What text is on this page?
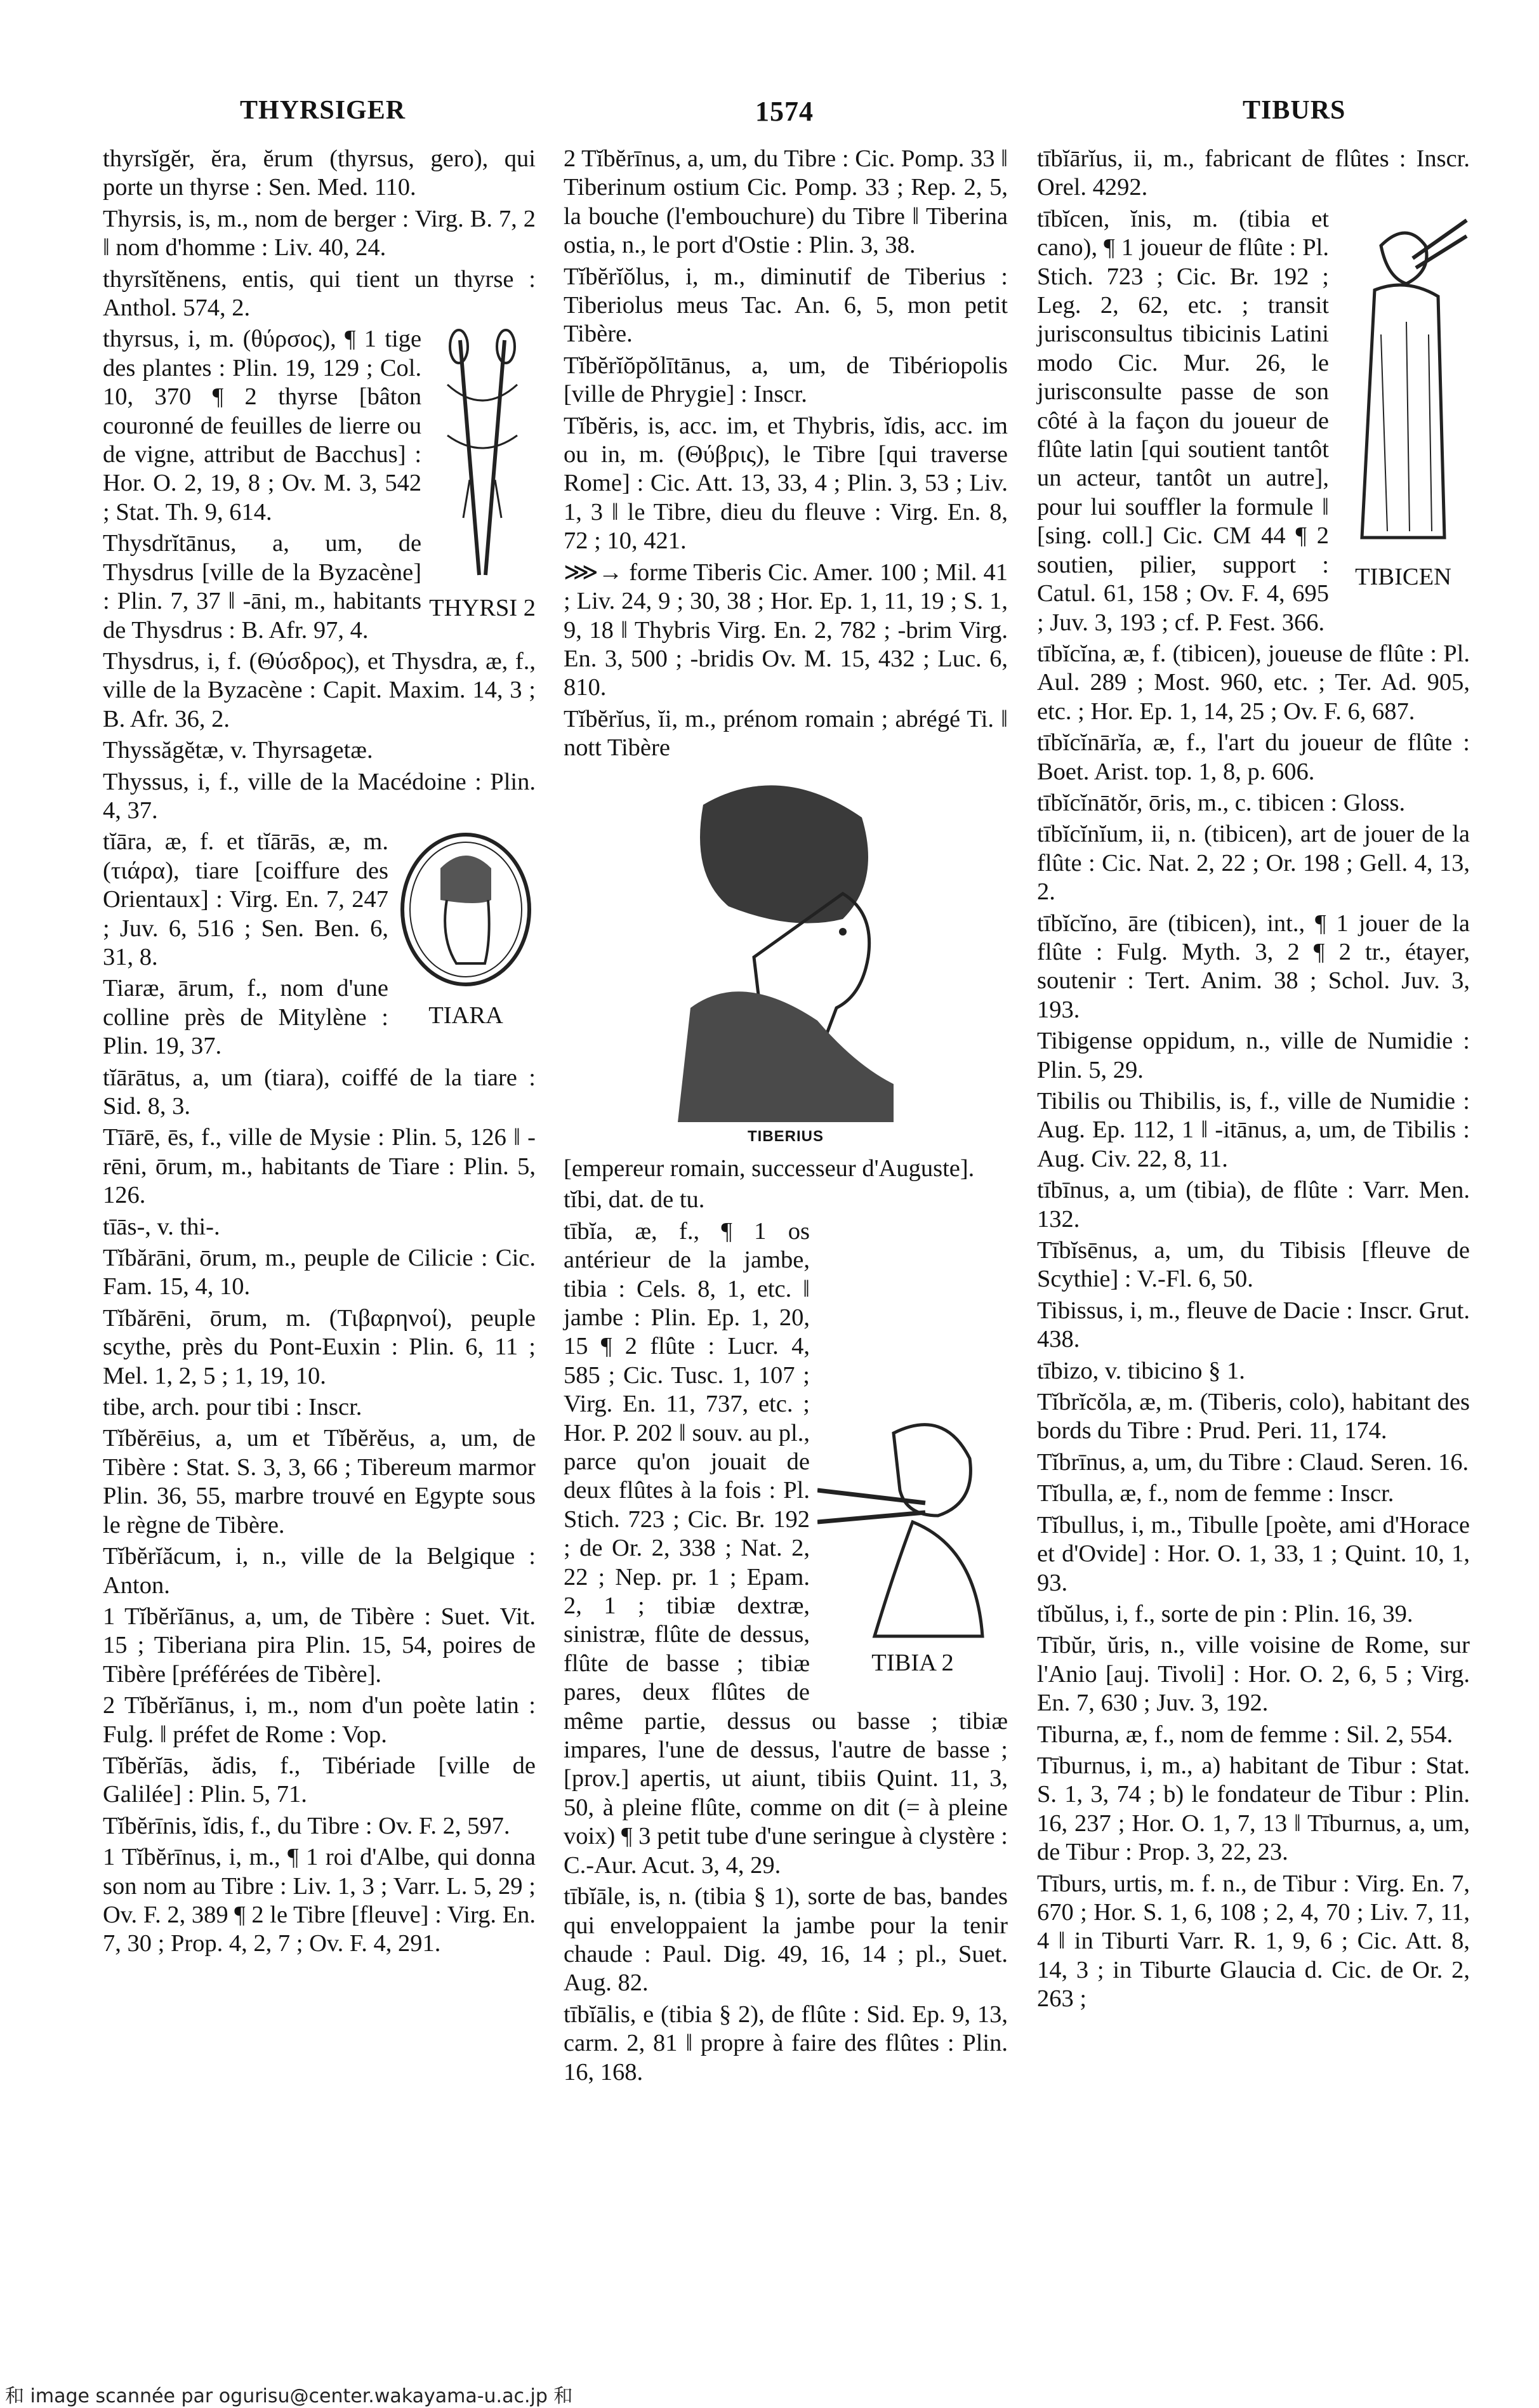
THYRSIGER	1574	TIBURS

thyrsĭgĕr, ĕra, ĕrum (thyrsus, gero), qui porte un thyrse : Sen. Med. 110.

Thyrsis, is, m., nom de berger : Virg. B. 7, 2 ‖ nom d'homme : Liv. 40, 24.

thyrsĭtĕnens, entis, qui tient un thyrse : Anthol. 574, 2.

THYRSI 2

thyrsus, i, m. (θύρσος), ¶ 1 tige des plantes : Plin. 19, 129 ; Col. 10, 370 ¶ 2 thyrse [bâton couronné de feuilles de lierre ou de vigne, attribut de Bacchus] : Hor. O. 2, 19, 8 ; Ov. M. 3, 542 ; Stat. Th. 9, 614.

Thysdrĭtānus, a, um, de Thysdrus [ville de la Byzacène] : Plin. 7, 37 ‖ -āni, m., habitants de Thysdrus : B. Afr. 97, 4.

Thysdrus, i, f. (Θύσδρος), et Thysdra, æ, f., ville de la Byzacène : Capit. Maxim. 14, 3 ; B. Afr. 36, 2.

Thyssăgĕtæ, v. Thyrsagetæ.

Thyssus, i, f., ville de la Macédoine : Plin. 4, 37.

TIARA

tĭāra, æ, f. et tĭārās, æ, m. (τιάρα), tiare [coiffure des Orientaux] : Virg. En. 7, 247 ; Juv. 6, 516 ; Sen. Ben. 6, 31, 8.

Tiaræ, ārum, f., nom d'une colline près de Mitylène : Plin. 19, 37.

tĭārātus, a, um (tiara), coiffé de la tiare : Sid. 8, 3.

Tīārē, ēs, f., ville de Mysie : Plin. 5, 126 ‖ -rēni, ōrum, m., habitants de Tiare : Plin. 5, 126.

tīās-, v. thi-.

Tĭbărāni, ōrum, m., peuple de Cilicie : Cic. Fam. 15, 4, 10.

Tĭbărēni, ōrum, m. (Τιβαρηνοί), peuple scythe, près du Pont-Euxin : Plin. 6, 11 ; Mel. 1, 2, 5 ; 1, 19, 10.

tibe, arch. pour tibi : Inscr.

Tĭbĕrēius, a, um et Tĭbĕrĕus, a, um, de Tibère : Stat. S. 3, 3, 66 ; Tibereum marmor Plin. 36, 55, marbre trouvé en Egypte sous le règne de Tibère.

Tĭbĕrĭăcum, i, n., ville de la Belgique : Anton.

1 Tĭbĕrĭānus, a, um, de Tibère : Suet. Vit. 15 ; Tiberiana pira Plin. 15, 54, poires de Tibère [préférées de Tibère].

2 Tĭbĕrĭānus, i, m., nom d'un poète latin : Fulg. ‖ préfet de Rome : Vop.

Tĭbĕrĭās, ădis, f., Tibériade [ville de Galilée] : Plin. 5, 71.

Tĭbĕrīnis, ĭdis, f., du Tibre : Ov. F. 2, 597.

1 Tĭbĕrīnus, i, m., ¶ 1 roi d'Albe, qui donna son nom au Tibre : Liv. 1, 3 ; Varr. L. 5, 29 ; Ov. F. 2, 389 ¶ 2 le Tibre [fleuve] : Virg. En. 7, 30 ; Prop. 4, 2, 7 ; Ov. F. 4, 291.

2 Tĭbĕrīnus, a, um, du Tibre : Cic. Pomp. 33 ‖ Tiberinum ostium Cic. Pomp. 33 ; Rep. 2, 5, la bouche (l'embouchure) du Tibre ‖ Tiberina ostia, n., le port d'Ostie : Plin. 3, 38.

Tĭbĕrĭŏlus, i, m., diminutif de Tiberius : Tiberiolus meus Tac. An. 6, 5, mon petit Tibère.

Tĭbĕrĭŏpŏlītānus, a, um, de Tibériopolis [ville de Phrygie] : Inscr.

Tĭbĕris, is, acc. im, et Thybris, ĭdis, acc. im ou in, m. (Θύβρις), le Tibre [qui traverse Rome] : Cic. Att. 13, 33, 4 ; Plin. 3, 53 ; Liv. 1, 3 ‖ le Tibre, dieu du fleuve : Virg. En. 8, 72 ; 10, 421.

⋙→ forme Tiberis Cic. Amer. 100 ; Mil. 41 ; Liv. 24, 9 ; 30, 38 ; Hor. Ep. 1, 11, 19 ; S. 1, 9, 18 ‖ Thybris Virg. En. 2, 782 ; -brim Virg. En. 3, 500 ; -bridis Ov. M. 15, 432 ; Luc. 6, 810.

Tĭbĕrĭus, ĭi, m., prénom romain ; abrégé Ti. ‖ nott Tibère

TIBERIUS

[empereur romain, successeur d'Auguste].

tĭbi, dat. de tu.

TIBIA 2

tībĭa, æ, f., ¶ 1 os antérieur de la jambe, tibia : Cels. 8, 1, etc. ‖ jambe : Plin. Ep. 1, 20, 15 ¶ 2 flûte : Lucr. 4, 585 ; Cic. Tusc. 1, 107 ; Virg. En. 11, 737, etc. ; Hor. P. 202 ‖ souv. au pl., parce qu'on jouait de deux flûtes à la fois : Pl. Stich. 723 ; Cic. Br. 192 ; de Or. 2, 338 ; Nat. 2, 22 ; Nep. pr. 1 ; Epam. 2, 1 ; tibiæ dextræ, sinistræ, flûte de dessus, flûte de basse ; tibiæ pares, deux flûtes de même partie, dessus ou basse ; tibiæ impares, l'une de dessus, l'autre de basse ; [prov.] apertis, ut aiunt, tibiis Quint. 11, 3, 50, à pleine flûte, comme on dit (= à pleine voix) ¶ 3 petit tube d'une seringue à clystère : C.-Aur. Acut. 3, 4, 29.

tībĭāle, is, n. (tibia § 1), sorte de bas, bandes qui enveloppaient la jambe pour la tenir chaude : Paul. Dig. 49, 16, 14 ; pl., Suet. Aug. 82.

tībĭālis, e (tibia § 2), de flûte : Sid. Ep. 9, 13, carm. 2, 81 ‖ propre à faire des flûtes : Plin. 16, 168.

tībĭārĭus, ii, m., fabricant de flûtes : Inscr. Orel. 4292.

TIBICEN

tībĭcen, ĭnis, m. (tibia et cano), ¶ 1 joueur de flûte : Pl. Stich. 723 ; Cic. Br. 192 ; Leg. 2, 62, etc. ; transit jurisconsultus tibicinis Latini modo Cic. Mur. 26, le jurisconsulte passe de son côté à la façon du joueur de flûte latin [qui soutient tantôt un acteur, tantôt un autre], pour lui souffler la formule ‖ [sing. coll.] Cic. CM 44 ¶ 2 soutien, pilier, support : Catul. 61, 158 ; Ov. F. 4, 695 ; Juv. 3, 193 ; cf. P. Fest. 366.

tībĭcĭna, æ, f. (tibicen), joueuse de flûte : Pl. Aul. 289 ; Most. 960, etc. ; Ter. Ad. 905, etc. ; Hor. Ep. 1, 14, 25 ; Ov. F. 6, 687.

tībĭcĭnārĭa, æ, f., l'art du joueur de flûte : Boet. Arist. top. 1, 8, p. 606.

tībĭcĭnātŏr, ōris, m., c. tibicen : Gloss.

tībĭcĭnĭum, ii, n. (tibicen), art de jouer de la flûte : Cic. Nat. 2, 22 ; Or. 198 ; Gell. 4, 13, 2.

tībĭcĭno, āre (tibicen), int., ¶ 1 jouer de la flûte : Fulg. Myth. 3, 2 ¶ 2 tr., étayer, soutenir : Tert. Anim. 38 ; Schol. Juv. 3, 193.

Tibigense oppidum, n., ville de Numidie : Plin. 5, 29.

Tibilis ou Thibilis, is, f., ville de Numidie : Aug. Ep. 112, 1 ‖ -itānus, a, um, de Tibilis : Aug. Civ. 22, 8, 11.

tībīnus, a, um (tibia), de flûte : Varr. Men. 132.

Tībĭsēnus, a, um, du Tibisis [fleuve de Scythie] : V.-Fl. 6, 50.

Tibissus, i, m., fleuve de Dacie : Inscr. Grut. 438.

tībizo, v. tibicino § 1.

Tĭbrĭcŏla, æ, m. (Tiberis, colo), habitant des bords du Tibre : Prud. Peri. 11, 174.

Tĭbrīnus, a, um, du Tibre : Claud. Seren. 16.

Tĭbulla, æ, f., nom de femme : Inscr.

Tĭbullus, i, m., Tibulle [poète, ami d'Horace et d'Ovide] : Hor. O. 1, 33, 1 ; Quint. 10, 1, 93.

tĭbŭlus, i, f., sorte de pin : Plin. 16, 39.

Tībŭr, ŭris, n., ville voisine de Rome, sur l'Anio [auj. Tivoli] : Hor. O. 2, 6, 5 ; Virg. En. 7, 630 ; Juv. 3, 192.

Tiburna, æ, f., nom de femme : Sil. 2, 554.

Tīburnus, i, m., a) habitant de Tibur : Stat. S. 1, 3, 74 ; b) le fondateur de Tibur : Plin. 16, 237 ; Hor. O. 1, 7, 13 ‖ Tīburnus, a, um, de Tibur : Prop. 3, 22, 23.

Tīburs, urtis, m. f. n., de Tibur : Virg. En. 7, 670 ; Hor. S. 1, 6, 108 ; 2, 4, 70 ; Liv. 7, 11, 4 ‖ in Tiburti Varr. R. 1, 9, 6 ; Cic. Att. 8, 14, 3 ; in Tiburte Glaucia d. Cic. de Or. 2, 263 ;

和 image scannée par ogurisu@center.wakayama-u.ac.jp 和
